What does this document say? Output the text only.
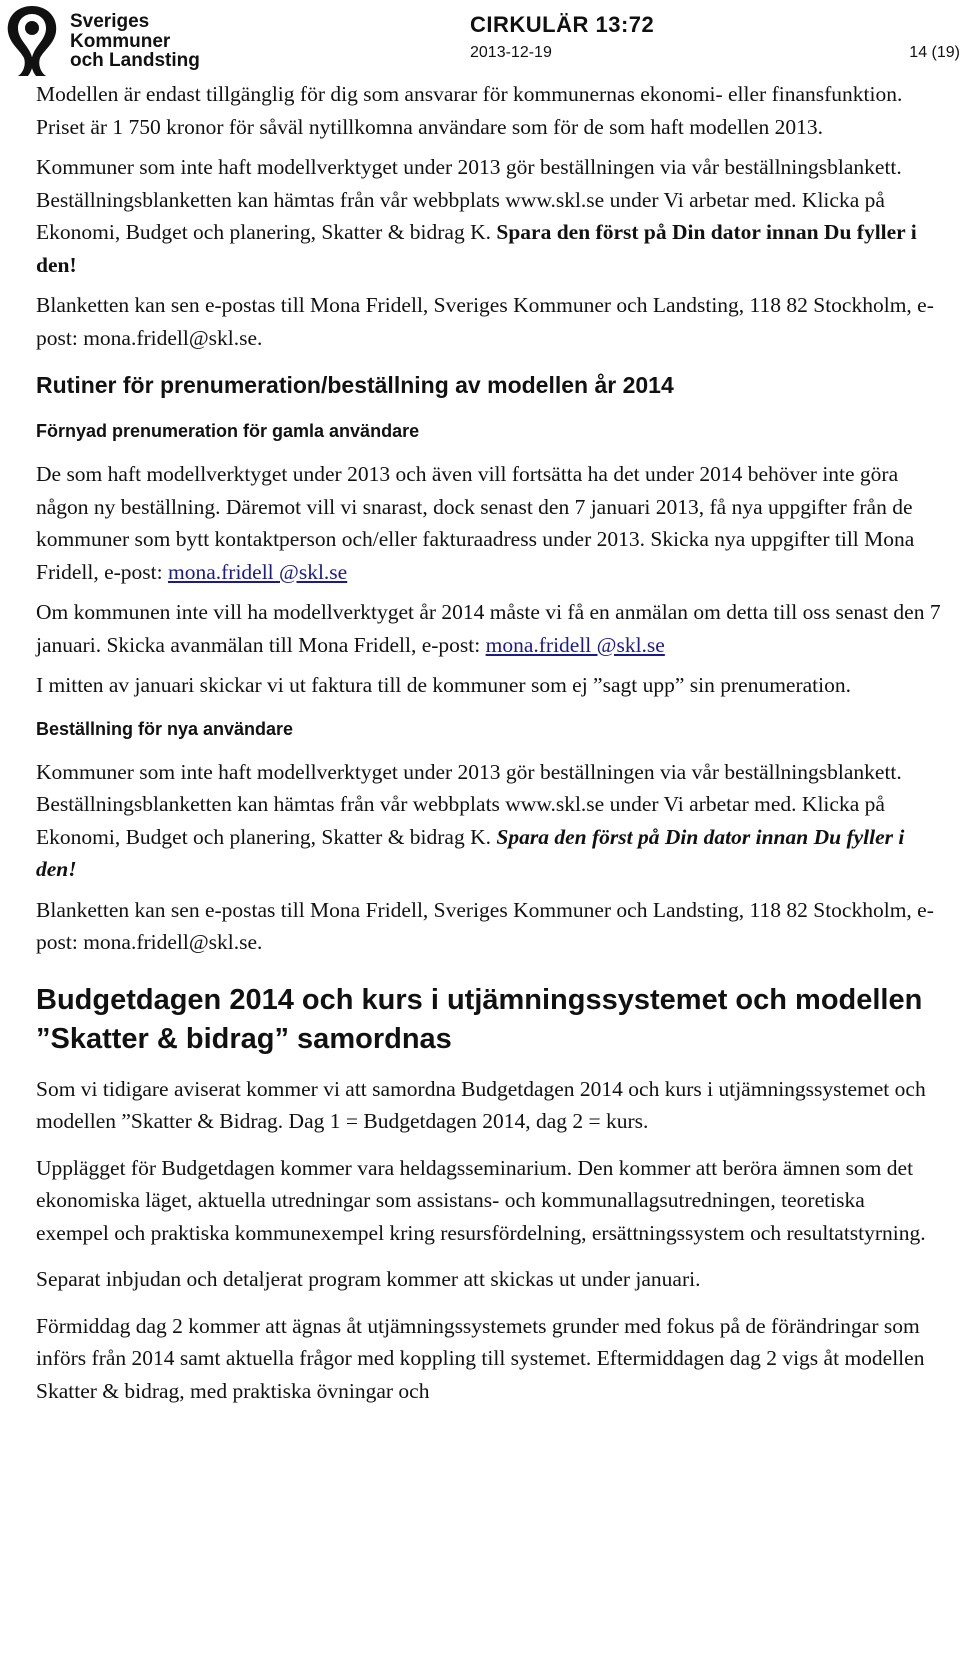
Sveriges
Kommuner
och Landsting
CIRKULÄR 13:72
2013-12-19	14 (19)

Modellen är endast tillgänglig för dig som ansvarar för kommunernas ekonomi- eller finansfunktion. Priset är 1 750 kronor för såväl nytillkomna användare som för de som haft modellen 2013.

Kommuner som inte haft modellverktyget under 2013 gör beställningen via vår beställningsblankett. Beställningsblanketten kan hämtas från vår webbplats www.skl.se under Vi arbetar med. Klicka på Ekonomi, Budget och planering, Skatter & bidrag K. Spara den först på Din dator innan Du fyller i den!

Blanketten kan sen e-postas till Mona Fridell, Sveriges Kommuner och Landsting, 118 82 Stockholm, e-post: mona.fridell@skl.se.

Rutiner för prenumeration/beställning av modellen år 2014
Förnyad prenumeration för gamla användare

De som haft modellverktyget under 2013 och även vill fortsätta ha det under 2014 behöver inte göra någon ny beställning. Däremot vill vi snarast, dock senast den 7 januari 2013, få nya uppgifter från de kommuner som bytt kontaktperson och/eller fakturaadress under 2013. Skicka nya uppgifter till Mona Fridell, e-post: mona.fridell @skl.se

Om kommunen inte vill ha modellverktyget år 2014 måste vi få en anmälan om detta till oss senast den 7 januari. Skicka avanmälan till Mona Fridell, e-post: mona.fridell @skl.se

I mitten av januari skickar vi ut faktura till de kommuner som ej ”sagt upp” sin prenumeration.

Beställning för nya användare

Kommuner som inte haft modellverktyget under 2013 gör beställningen via vår beställningsblankett. Beställningsblanketten kan hämtas från vår webbplats www.skl.se under Vi arbetar med. Klicka på Ekonomi, Budget och planering, Skatter & bidrag K. Spara den först på Din dator innan Du fyller i den!

Blanketten kan sen e-postas till Mona Fridell, Sveriges Kommuner och Landsting, 118 82 Stockholm, e-post: mona.fridell@skl.se.

Budgetdagen 2014 och kurs i utjämningssystemet och modellen ”Skatter & bidrag” samordnas

Som vi tidigare aviserat kommer vi att samordna Budgetdagen 2014 och kurs i utjämningssystemet och modellen ”Skatter & Bidrag. Dag 1 = Budgetdagen 2014, dag 2 = kurs.

Upplägget för Budgetdagen kommer vara heldagsseminarium. Den kommer att beröra ämnen som det ekonomiska läget, aktuella utredningar som assistans- och kommunallagsutredningen, teoretiska exempel och praktiska kommunexempel kring resursfördelning, ersättningssystem och resultatstyrning.

Separat inbjudan och detaljerat program kommer att skickas ut under januari.

Förmiddag dag 2 kommer att ägnas åt utjämningssystemets grunder med fokus på de förändringar som införs från 2014 samt aktuella frågor med koppling till systemet. Eftermiddagen dag 2 vigs åt modellen Skatter & bidrag, med praktiska övningar och
